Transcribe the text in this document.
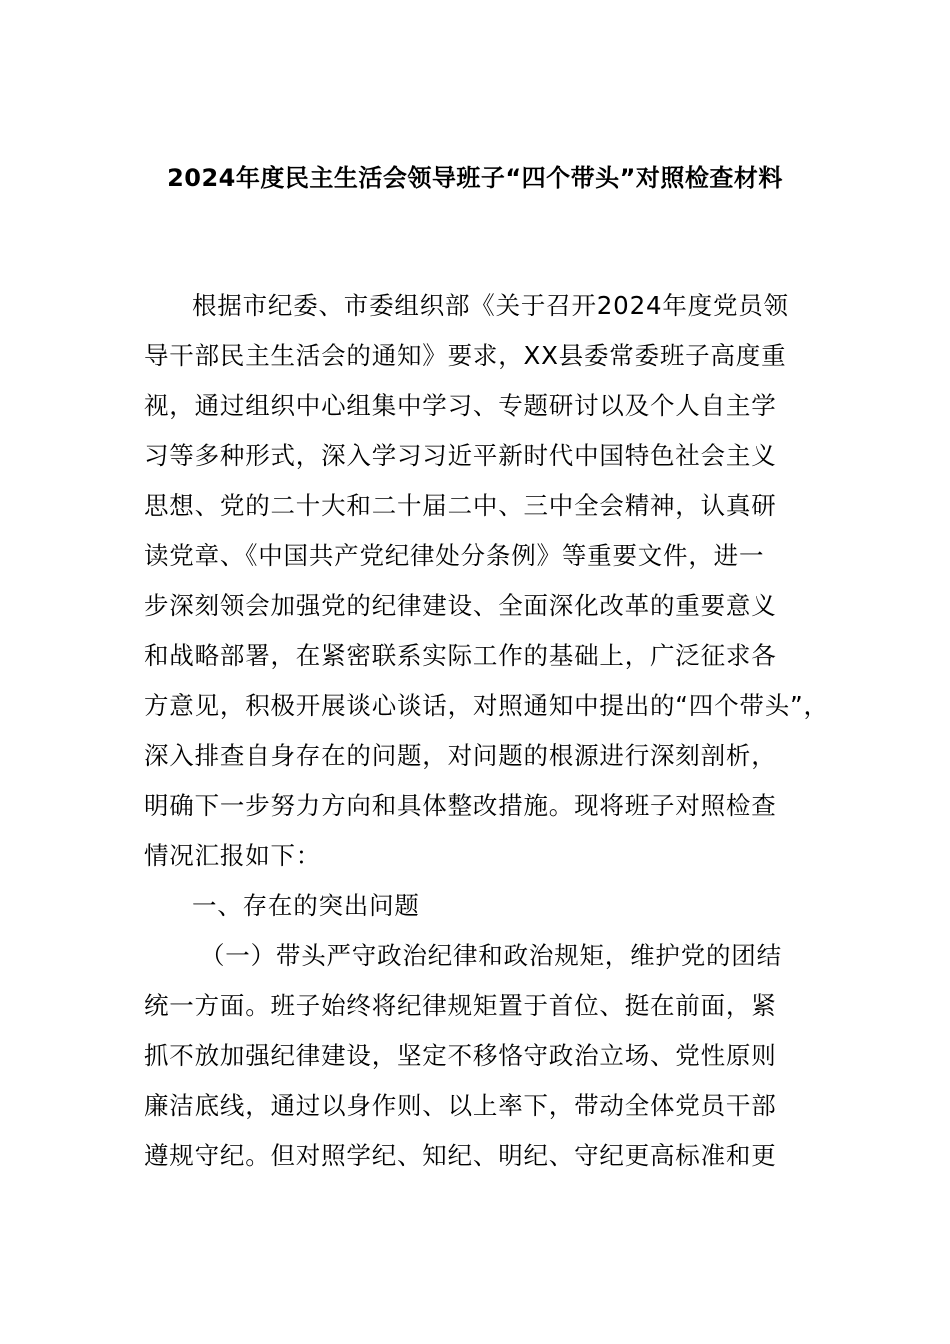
2024年度民主生活会领导班子“四个带头”对照检查材料
根据市纪委、市委组织部《关于召开2024年度党员领
导干部民主生活会的通知》要求，XX县委常委班子高度重
视，通过组织中心组集中学习、专题研讨以及个人自主学
习等多种形式，深入学习习近平新时代中国特色社会主义
思想、党的二十大和二十届二中、三中全会精神，认真研
读党章、《中国共产党纪律处分条例》等重要文件，进一
步深刻领会加强党的纪律建设、全面深化改革的重要意义
和战略部署，在紧密联系实际工作的基础上，广泛征求各
方意见，积极开展谈心谈话，对照通知中提出的“四个带头”，
深入排查自身存在的问题，对问题的根源进行深刻剖析，
明确下一步努力方向和具体整改措施。现将班子对照检查
情况汇报如下：
一、存在的突出问题
（一）带头严守政治纪律和政治规矩，维护党的团结
统一方面。班子始终将纪律规矩置于首位、挺在前面，紧
抓不放加强纪律建设，坚定不移恪守政治立场、党性原则
廉洁底线，通过以身作则、以上率下，带动全体党员干部
遵规守纪。但对照学纪、知纪、明纪、守纪更高标准和更
